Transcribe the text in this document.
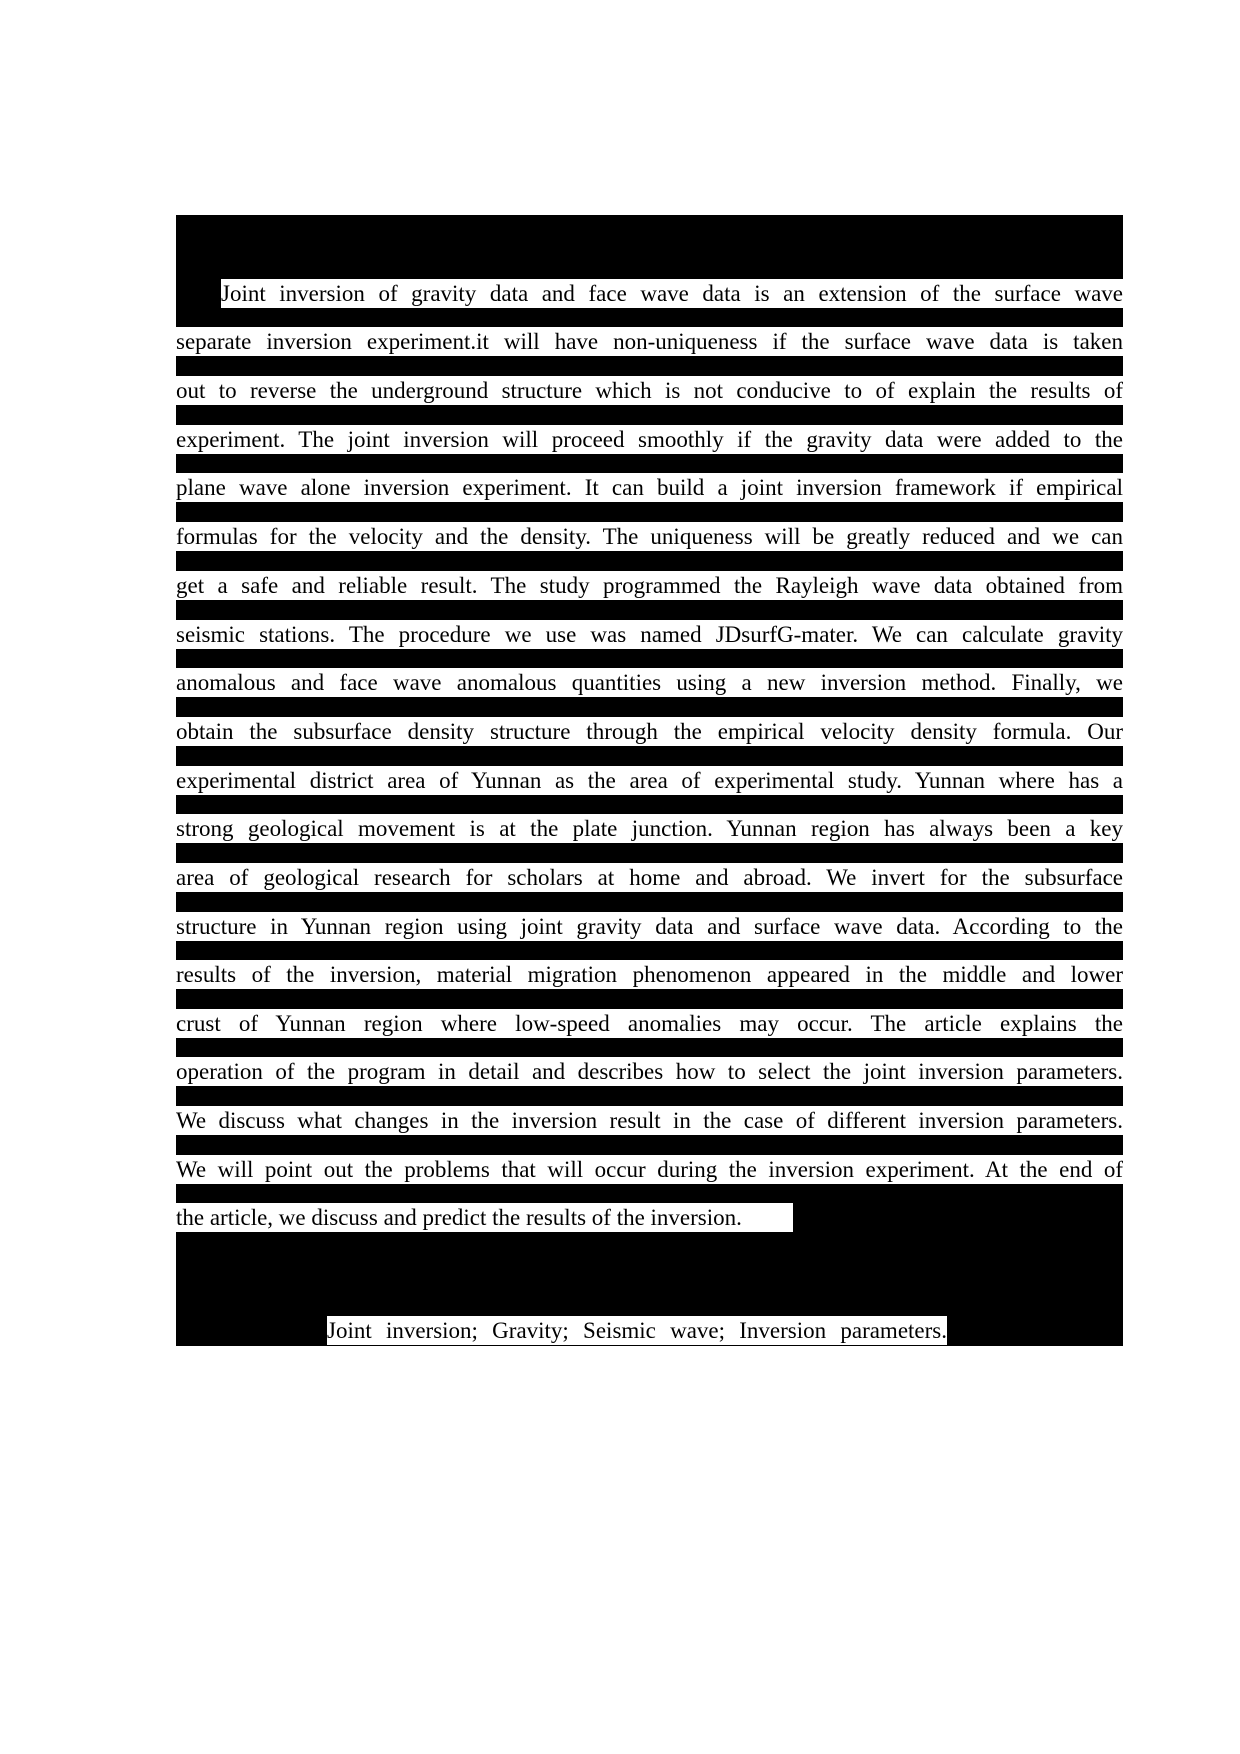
Joint inversion of gravity data and face wave data is an extension of the surface wave
separate inversion experiment.it will have non-uniqueness if the surface wave data is taken
out to reverse the underground structure which is not conducive to of explain the results of
experiment. The joint inversion will proceed smoothly if the gravity data were added to the
plane wave alone inversion experiment. It can build a joint inversion framework if empirical
formulas for the velocity and the density. The uniqueness will be greatly reduced and we can
get a safe and reliable result. The study programmed the Rayleigh wave data obtained from
seismic stations. The procedure we use was named JDsurfG-mater. We can calculate gravity
anomalous and face wave anomalous quantities using a new inversion method. Finally, we
obtain the subsurface density structure through the empirical velocity density formula. Our
experimental district area of Yunnan as the area of experimental study. Yunnan where has a
strong geological movement is at the plate junction. Yunnan region has always been a key
area of geological research for scholars at home and abroad. We invert for the subsurface
structure in Yunnan region using joint gravity data and surface wave data. According to the
results of the inversion, material migration phenomenon appeared in the middle and lower
crust of Yunnan region where low-speed anomalies may occur. The article explains the
operation of the program in detail and describes how to select the joint inversion parameters.
We discuss what changes in the inversion result in the case of different inversion parameters.
We will point out the problems that will occur during the inversion experiment. At the end of
the article, we discuss and predict the results of the inversion.
Joint inversion; Gravity; Seismic wave; Inversion parameters.
